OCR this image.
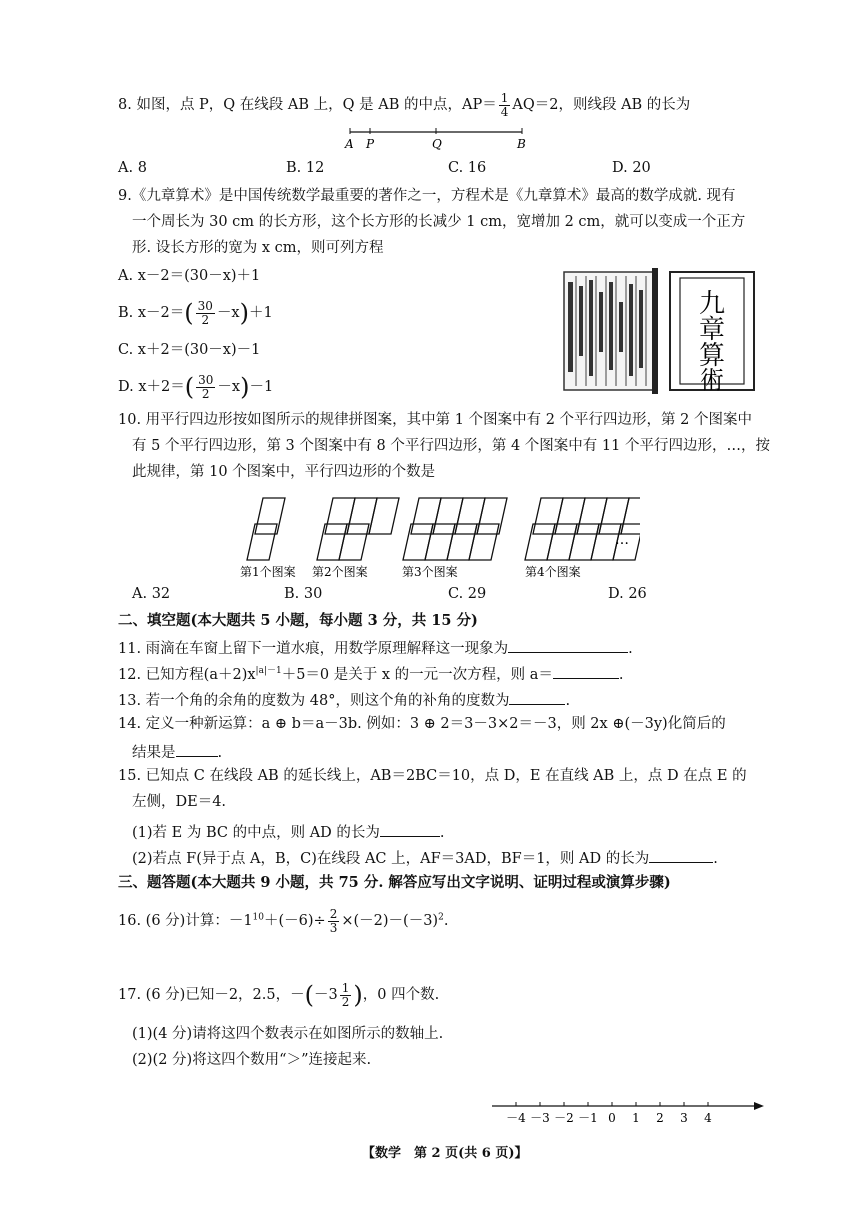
8. 如图，点 P，Q 在线段 AB 上，Q 是 AB 的中点，$AP= \frac{1}{4} AQ=2$，则线段 AB 的长为
A P	Q	B
A. 8	B. 12	C. 16	D. 20
9.《九章算术》是中国传统数学最重要的著作之一，方程术是《九章算术》最高的数学成就. 现有
一个周长为 30 cm 的长方形，这个长方形的长减少 1 cm，宽增加 2 cm，就可以变成一个正方
形. 设长方形的宽为 x cm，则可列方程
A. x－2＝(30－x)＋1
B. $x-2=( \frac{30}{2} -x)+1$
C. x＋2＝(30－x)－1
D. $x+2=( \frac{30}{2} -x)-1$
九
章
算
術
10. 用平行四边形按如图所示的规律拼图案，其中第 1 个图案中有 2 个平行四边形，第 2 个图案中
有 5 个平行四边形，第 3 个图案中有 8 个平行四边形，第 4 个图案中有 11 个平行四边形，…，按
此规律，第 10 个图案中，平行四边形的个数是
第1个图案 第2个图案	第3个图案	第4个图案
…
A. 32	B. 30	C. 29	D. 26
二、填空题(本大题共 5 小题，每小题 3 分，共 15 分)
11. 雨滴在车窗上留下一道水痕，用数学原理解释这一现象为	.
12. 已知方程$(a+2)x^{|a|-1}+5=0$ 是关于 x 的一元一次方程，则 a＝	.
13. 若一个角的余角的度数为 48°，则这个角的补角的度数为	.
14. 定义一种新运算：a ⊕ b＝a－3b. 例如：3 ⊕ 2＝3－3×2＝－3，则 2x ⊕(－3y)化简后的
结果是	.
15. 已知点 C 在线段 AB 的延长线上，AB＝2BC＝10，点 D，E 在直线 AB 上，点 D 在点 E 的
左侧，DE＝4.
(1)若 E 为 BC 的中点，则 AD 的长为	.
(2)若点 F(异于点 A，B，C)在线段 AC 上，AF＝3AD，BF＝1，则 AD 的长为	.
三、题答题(本大题共 9 小题，共 75 分. 解答应写出文字说明、证明过程或演算步骤)
16. (6 分)计算：$-1^{10}+(-6)\div \frac{2}{3} \times(-2)-(-3)^2$.
17. (6 分)已知－2，2.5，$-(-3 \frac{1}{2}$ )，0 四个数.
(1)(4 分)请将这四个数表示在如图所示的数轴上.
(2)(2 分)将这四个数用“＞”连接起来.
－4 －3 －2 －1 0 1 2 3 4
【数学　第 2 页(共 6 页)】
